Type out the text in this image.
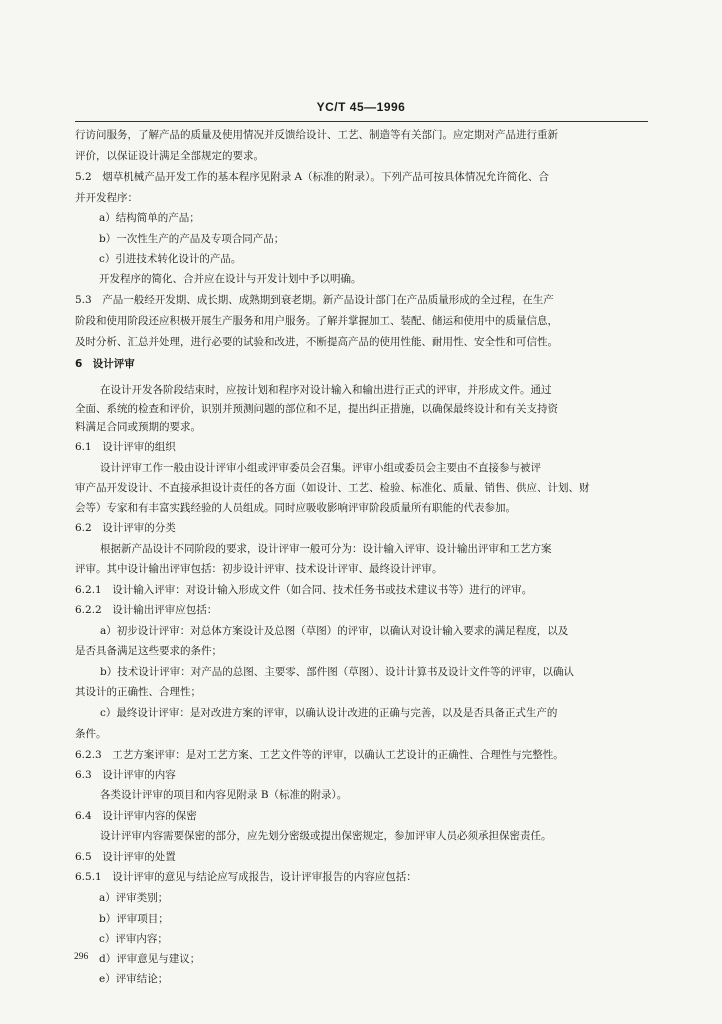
YC/T 45—1996
行访问服务，了解产品的质量及使用情况并反馈给设计、工艺、制造等有关部门。应定期对产品进行重新
评价，以保证设计满足全部规定的要求。
5.2　烟草机械产品开发工作的基本程序见附录 A（标准的附录）。下列产品可按具体情况允许简化、合
并开发程序：
a）结构简单的产品；
b）一次性生产的产品及专项合同产品；
c）引进技术转化设计的产品。
开发程序的简化、合并应在设计与开发计划中予以明确。
5.3　产品一般经开发期、成长期、成熟期到衰老期。新产品设计部门在产品质量形成的全过程，在生产
阶段和使用阶段还应积极开展生产服务和用户服务。了解并掌握加工、装配、储运和使用中的质量信息，
及时分析、汇总并处理，进行必要的试验和改进，不断提高产品的使用性能、耐用性、安全性和可信性。
6　设计评审
在设计开发各阶段结束时，应按计划和程序对设计输入和输出进行正式的评审，并形成文件。通过
全面、系统的检查和评价，识别并预测问题的部位和不足，提出纠正措施，以确保最终设计和有关支持资
料满足合同或预期的要求。
6.1　设计评审的组织
设计评审工作一般由设计评审小组或评审委员会召集。评审小组或委员会主要由不直接参与被评
审产品开发设计、不直接承担设计责任的各方面（如设计、工艺、检验、标准化、质量、销售、供应、计划、财
会等）专家和有丰富实践经验的人员组成。同时应吸收影响评审阶段质量所有职能的代表参加。
6.2　设计评审的分类
根据新产品设计不同阶段的要求，设计评审一般可分为：设计输入评审、设计输出评审和工艺方案
评审。其中设计输出评审包括：初步设计评审、技术设计评审、最终设计评审。
6.2.1　设计输入评审：对设计输入形成文件（如合同、技术任务书或技术建议书等）进行的评审。
6.2.2　设计输出评审应包括：
a）初步设计评审：对总体方案设计及总图（草图）的评审，以确认对设计输入要求的满足程度，以及
是否具备满足这些要求的条件；
b）技术设计评审：对产品的总图、主要零、部件图（草图）、设计计算书及设计文件等的评审，以确认
其设计的正确性、合理性；
c）最终设计评审：是对改进方案的评审，以确认设计改进的正确与完善，以及是否具备正式生产的
条件。
6.2.3　工艺方案评审：是对工艺方案、工艺文件等的评审，以确认工艺设计的正确性、合理性与完整性。
6.3　设计评审的内容
各类设计评审的项目和内容见附录 B（标准的附录）。
6.4　设计评审内容的保密
设计评审内容需要保密的部分，应先划分密级或提出保密规定，参加评审人员必须承担保密责任。
6.5　设计评审的处置
6.5.1　设计评审的意见与结论应写成报告，设计评审报告的内容应包括：
a）评审类别；
b）评审项目；
c）评审内容；
d）评审意见与建议；
e）评审结论；
296
